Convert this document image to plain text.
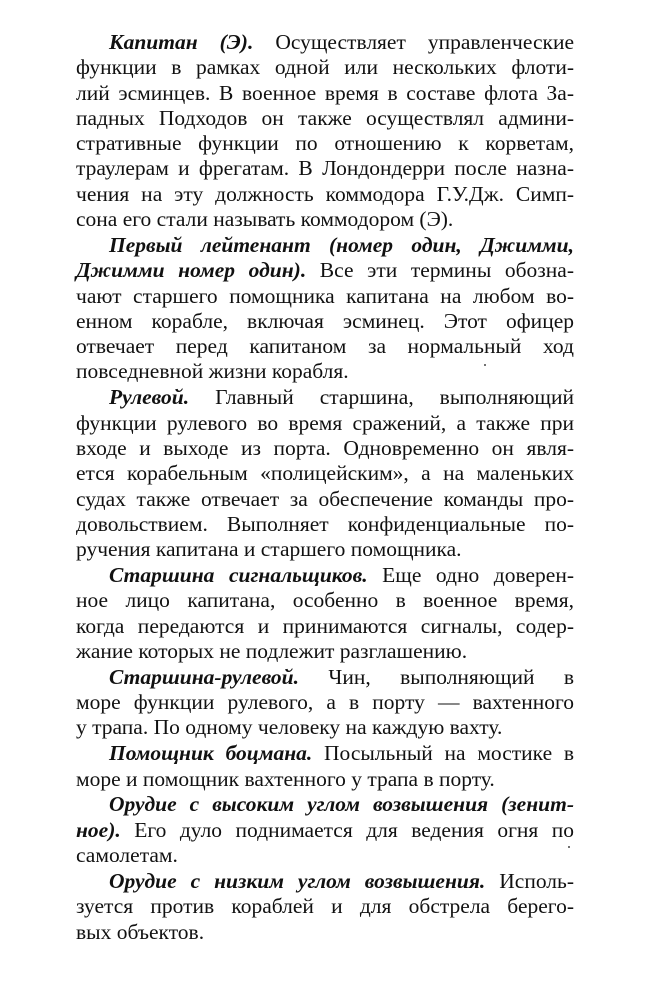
Капитан (Э). Осуществляет управленческие
функции в рамках одной или нескольких флоти-
лий эсминцев. В военное время в составе флота За-
падных Подходов он также осуществлял админи-
стративные функции по отношению к корветам,
траулерам и фрегатам. В Лондондерри после назна-
чения на эту должность коммодора Г.У.Дж. Симп-
сона его стали называть коммодором (Э).
Первый лейтенант (номер один, Джимми,
Джимми номер один). Все эти термины обозна-
чают старшего помощника капитана на любом во-
енном корабле, включая эсминец. Этот офицер
отвечает перед капитаном за нормальный ход
повседневной жизни корабля.
Рулевой. Главный старшина, выполняющий
функции рулевого во время сражений, а также при
входе и выходе из порта. Одновременно он явля-
ется корабельным «полицейским», а на маленьких
судах также отвечает за обеспечение команды про-
довольствием. Выполняет конфиденциальные по-
ручения капитана и старшего помощника.
Старшина сигнальщиков. Еще одно доверен-
ное лицо капитана, особенно в военное время,
когда передаются и принимаются сигналы, содер-
жание которых не подлежит разглашению.
Старшина-рулевой. Чин, выполняющий в
море функции рулевого, а в порту — вахтенного
у трапа. По одному человеку на каждую вахту.
Помощник боцмана. Посыльный на мостике в
море и помощник вахтенного у трапа в порту.
Орудие с высоким углом возвышения (зенит-
ное). Его дуло поднимается для ведения огня по
самолетам.
Орудие с низким углом возвышения. Исполь-
зуется против кораблей и для обстрела берего-
вых объектов.
